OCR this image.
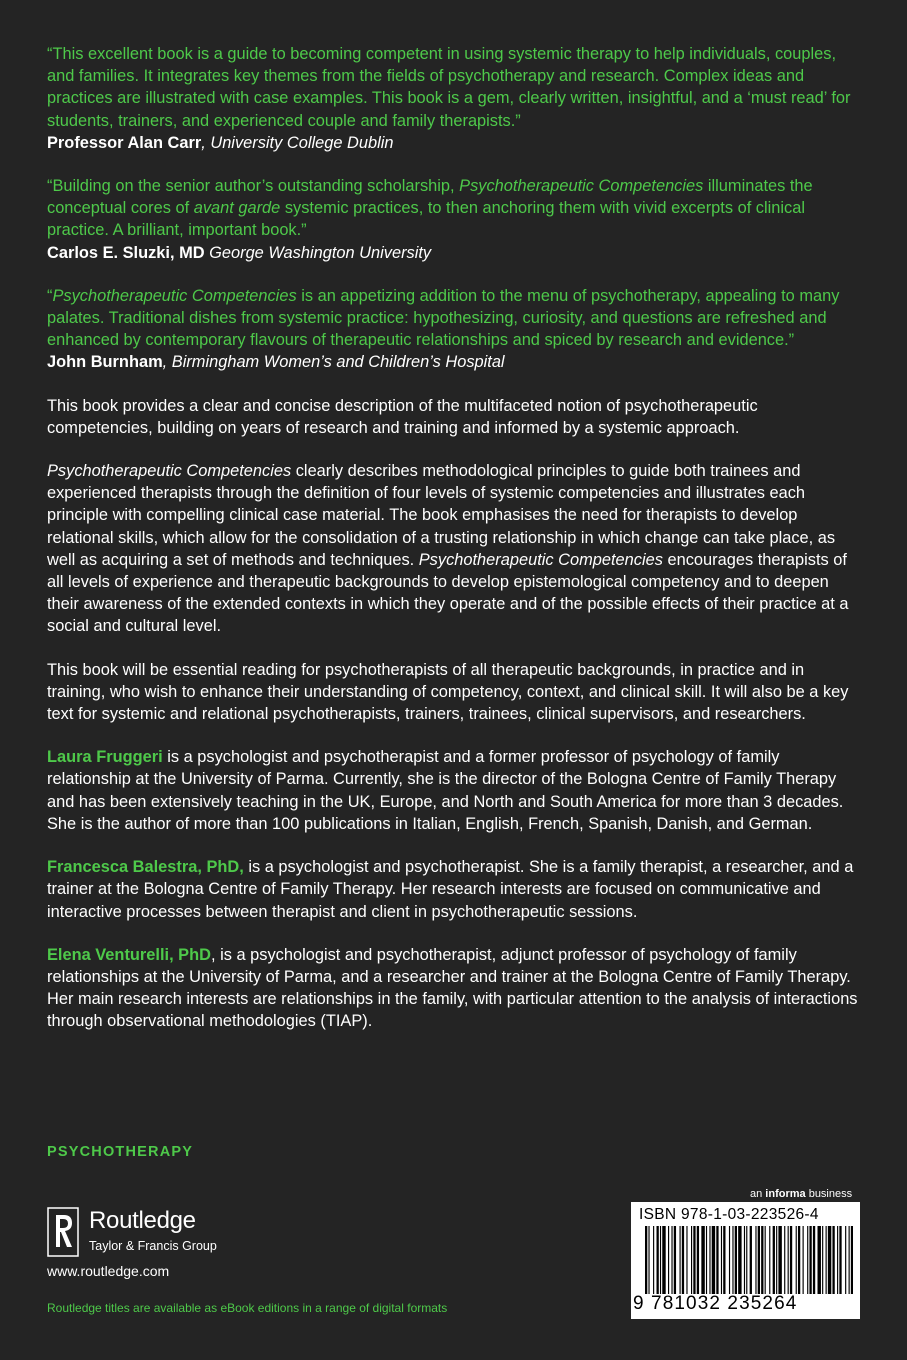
“This excellent book is a guide to becoming competent in using systemic therapy to help individuals, couples, and families. It integrates key themes from the fields of psychotherapy and research. Complex ideas and practices are illustrated with case examples. This book is a gem, clearly written, insightful, and a ‘must read’ for students, trainers, and experienced couple and family therapists.”

Professor Alan Carr, University College Dublin

“Building on the senior author’s outstanding scholarship, Psychotherapeutic Competencies illuminates the conceptual cores of avant garde systemic practices, to then anchoring them with vivid excerpts of clinical practice. A brilliant, important book.”

Carlos E. Sluzki, MD George Washington University

“Psychotherapeutic Competencies is an appetizing addition to the menu of psychotherapy, appealing to many palates. Traditional dishes from systemic practice: hypothesizing, curiosity, and questions are refreshed and enhanced by contemporary flavours of therapeutic relationships and spiced by research and evidence.”

John Burnham, Birmingham Women’s and Children’s Hospital

This book provides a clear and concise description of the multifaceted notion of psychotherapeutic competencies, building on years of research and training and informed by a systemic approach.

Psychotherapeutic Competencies clearly describes methodological principles to guide both trainees and experienced therapists through the definition of four levels of systemic competencies and illustrates each principle with compelling clinical case material. The book emphasises the need for therapists to develop relational skills, which allow for the consolidation of a trusting relationship in which change can take place, as well as acquiring a set of methods and techniques. Psychotherapeutic Competencies encourages therapists of all levels of experience and therapeutic backgrounds to develop epistemological competency and to deepen their awareness of the extended contexts in which they operate and of the possible effects of their practice at a social and cultural level.

This book will be essential reading for psychotherapists of all therapeutic backgrounds, in practice and in training, who wish to enhance their understanding of competency, context, and clinical skill. It will also be a key text for systemic and relational psychotherapists, trainers, trainees, clinical supervisors, and researchers.

Laura Fruggeri is a psychologist and psychotherapist and a former professor of psychology of family relationship at the University of Parma. Currently, she is the director of the Bologna Centre of Family Therapy and has been extensively teaching in the UK, Europe, and North and South America for more than 3 decades. She is the author of more than 100 publications in Italian, English, French, Spanish, Danish, and German.

Francesca Balestra, PhD, is a psychologist and psychotherapist. She is a family therapist, a researcher, and a trainer at the Bologna Centre of Family Therapy. Her research interests are focused on communicative and interactive processes between therapist and client in psychotherapeutic sessions.

Elena Venturelli, PhD, is a psychologist and psychotherapist, adjunct professor of psychology of family relationships at the University of Parma, and a researcher and trainer at the Bologna Centre of Family Therapy. Her main research interests are relationships in the family, with particular attention to the analysis of interactions through observational methodologies (TIAP).

PSYCHOTHERAPY
Routledge
Taylor & Francis Group
www.routledge.com
Routledge titles are available as eBook editions in a range of digital formats
an informa business
ISBN 978-1-03-223526-4
9 781032 235264
